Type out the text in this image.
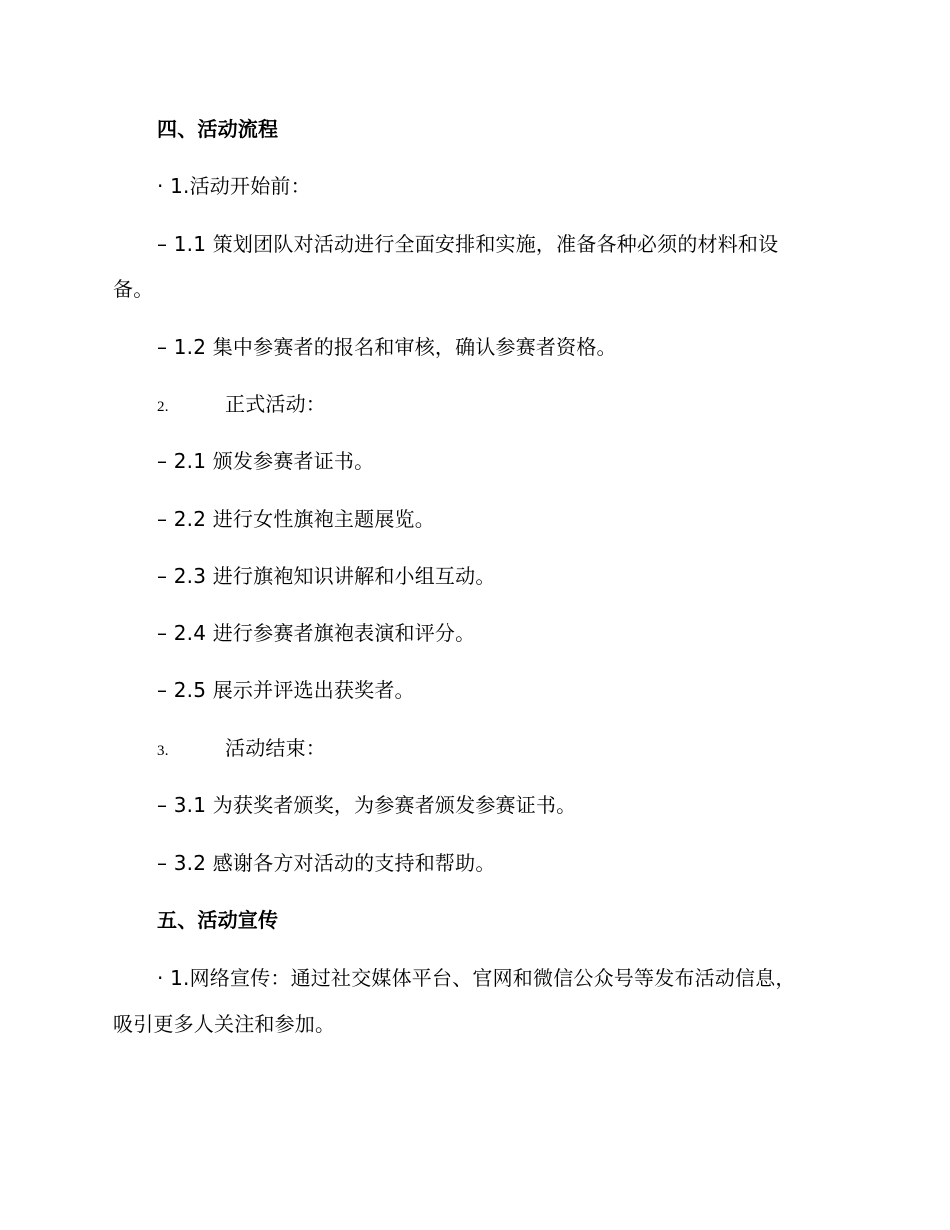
四、活动流程
· 1.活动开始前：
– 1.1 策划团队对活动进行全面安排和实施，准备各种必须的材料和设
备。
– 1.2 集中参赛者的报名和审核，确认参赛者资格。
2.	正式活动：
– 2.1 颁发参赛者证书。
– 2.2 进行女性旗袍主题展览。
– 2.3 进行旗袍知识讲解和小组互动。
– 2.4 进行参赛者旗袍表演和评分。
– 2.5 展示并评选出获奖者。
3.	活动结束：
– 3.1 为获奖者颁奖，为参赛者颁发参赛证书。
– 3.2 感谢各方对活动的支持和帮助。
五、活动宣传
· 1.网络宣传：通过社交媒体平台、官网和微信公众号等发布活动信息，
吸引更多人关注和参加。
